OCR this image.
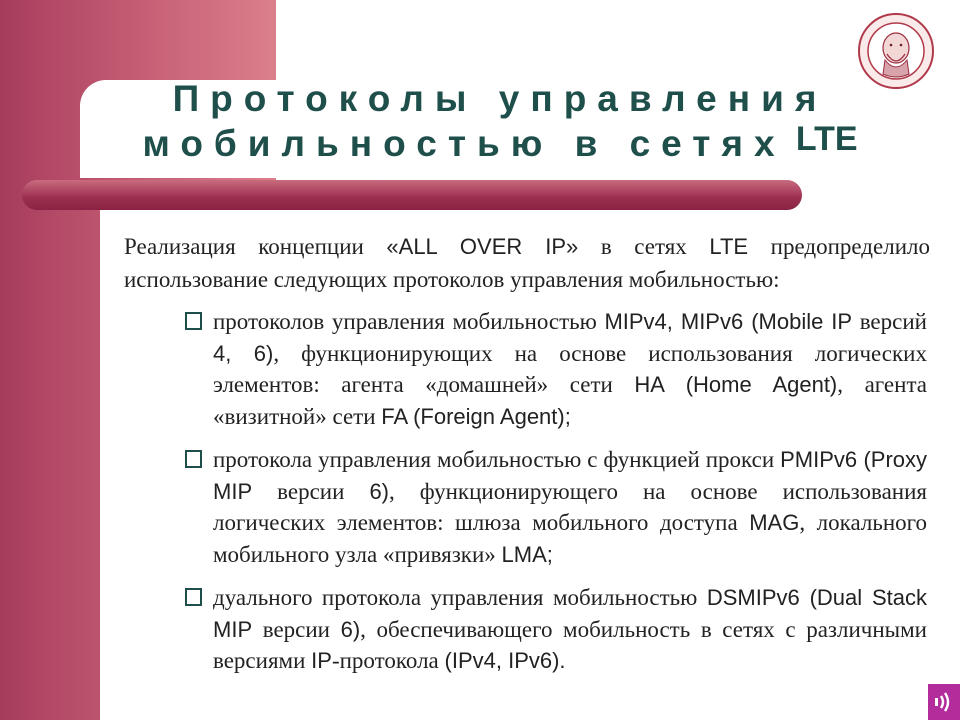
Протоколы управления
мобильностью в сетях LTE
Реализация концепции «ALL OVER IP» в сетях LTE предопределило использование следующих протоколов управления мобильностью:
протоколов управления мобильностью MIPv4, MIPv6 (Mobile IP версий 4, 6), функционирующих на основе использования логических элементов: агента «домашней» сети HA (Home Agent), агента «визитной» сети FA (Foreign Agent);
протокола управления мобильностью с функцией прокси PMIPv6 (Proxy MIP версии 6), функционирующего на основе использования логических элементов: шлюза мобильного доступа MAG, локального мобильного узла «привязки» LMA;
дуального протокола управления мобильностью DSMIPv6 (Dual Stack MIP версии 6), обеспечивающего мобильность в сетях с различными версиями IP-протокола (IPv4, IPv6).
